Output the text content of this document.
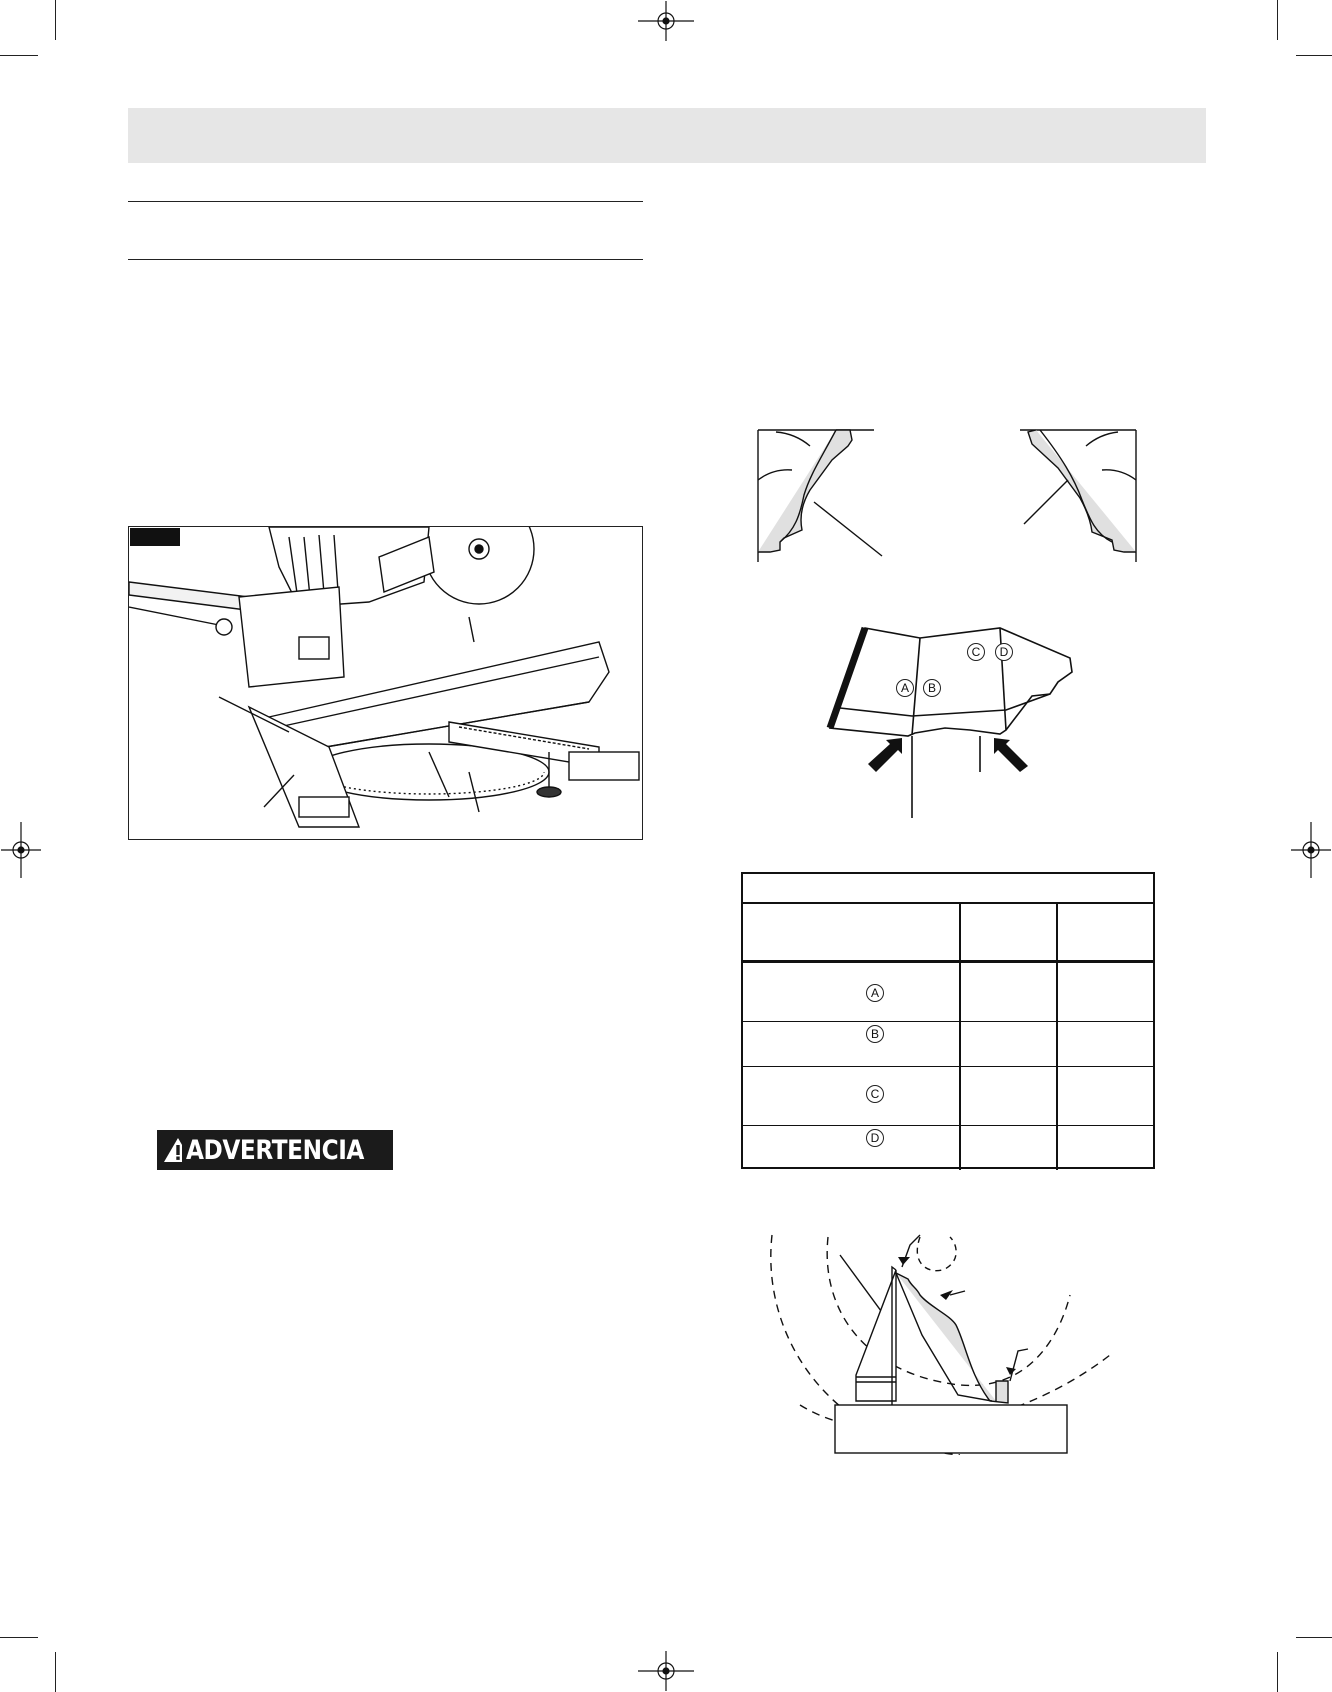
ADVERTENCIA
A	B
C	D
A
B
C
D
